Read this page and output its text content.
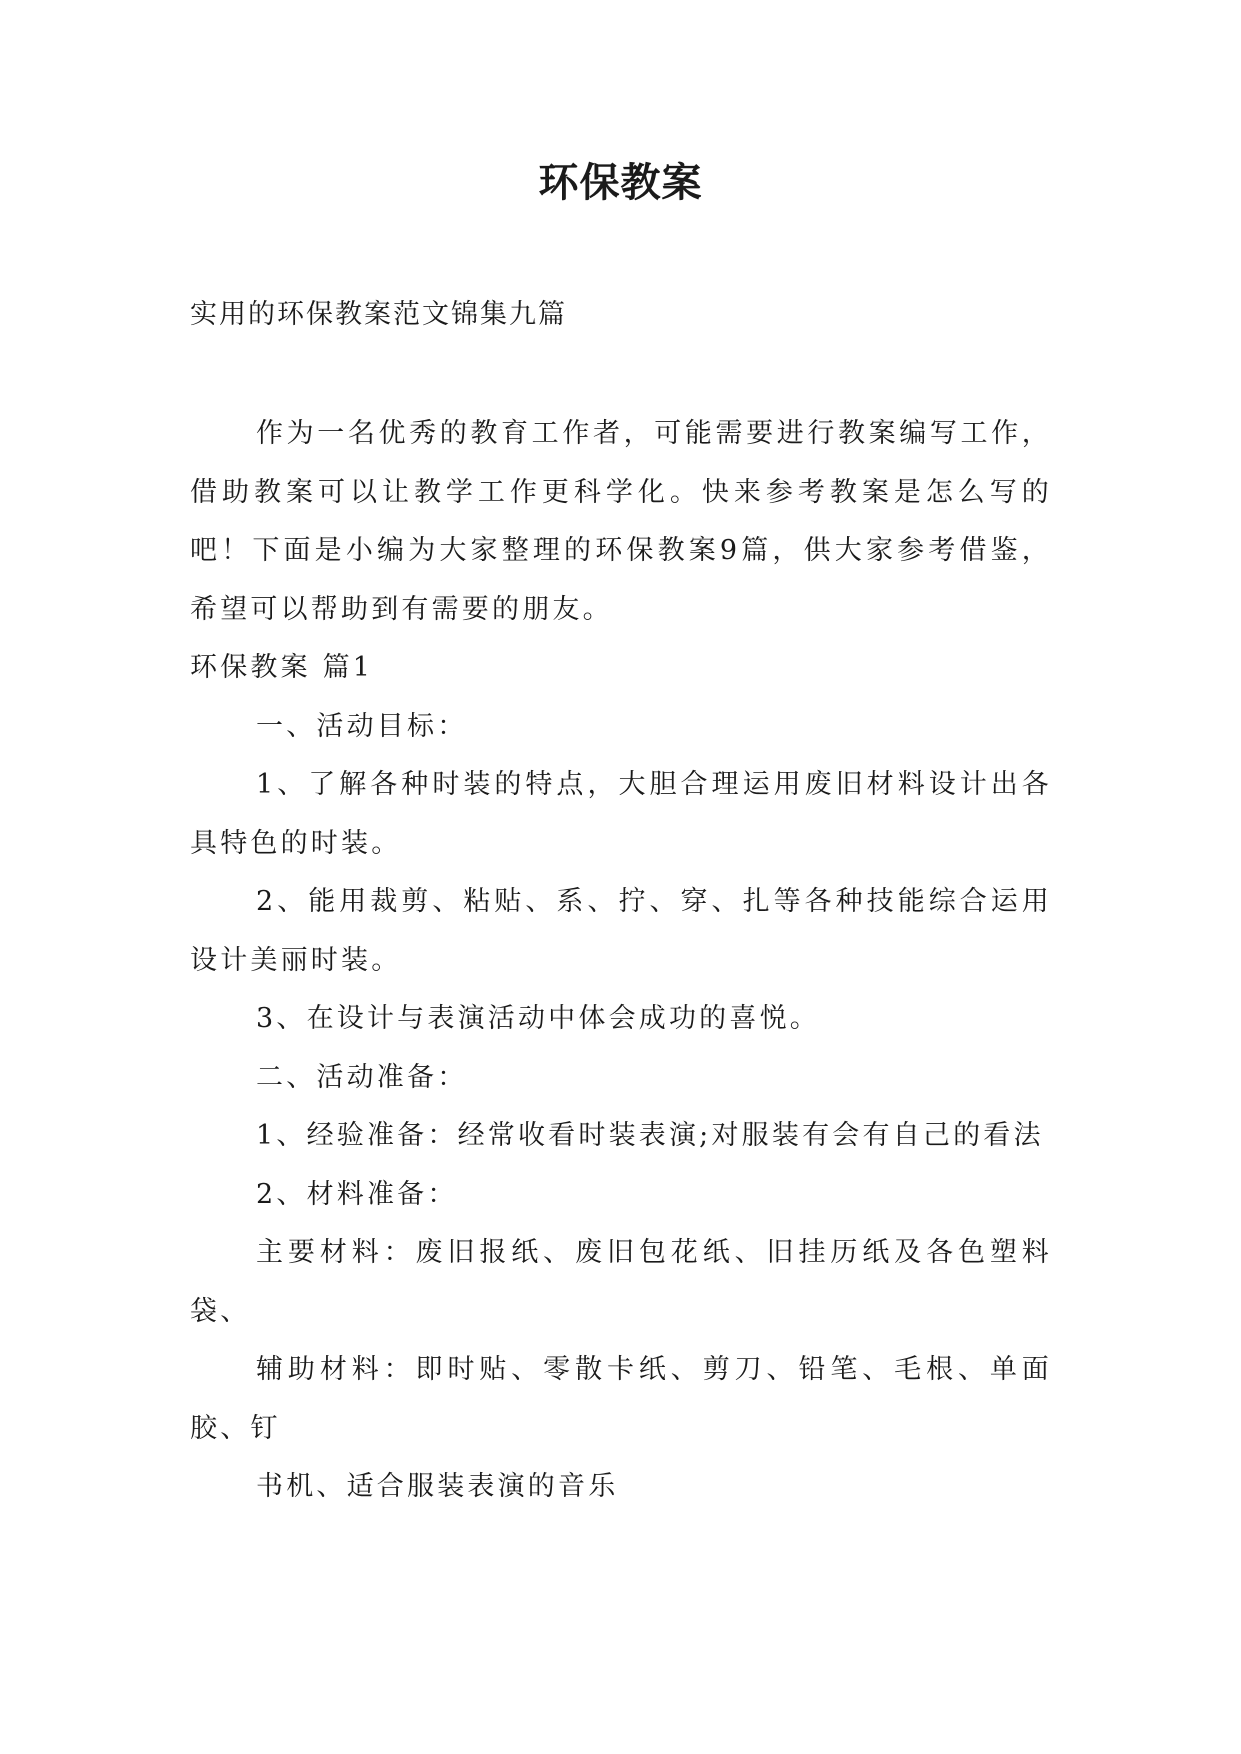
环保教案

实用的环保教案范文锦集九篇

作为一名优秀的教育工作者，可能需要进行教案编写工作，借助教案可以让教学工作更科学化。快来参考教案是怎么写的吧！下面是小编为大家整理的环保教案9篇，供大家参考借鉴，希望可以帮助到有需要的朋友。

环保教案 篇1

一、活动目标：

1、了解各种时装的特点，大胆合理运用废旧材料设计出各具特色的时装。

2、能用裁剪、粘贴、系、拧、穿、扎等各种技能综合运用设计美丽时装。

3、在设计与表演活动中体会成功的喜悦。

二、活动准备：

1、经验准备：经常收看时装表演;对服装有会有自己的看法

2、材料准备：

主要材料：废旧报纸、废旧包花纸、旧挂历纸及各色塑料袋、

辅助材料：即时贴、零散卡纸、剪刀、铅笔、毛根、单面胶、钉

书机、适合服装表演的音乐
